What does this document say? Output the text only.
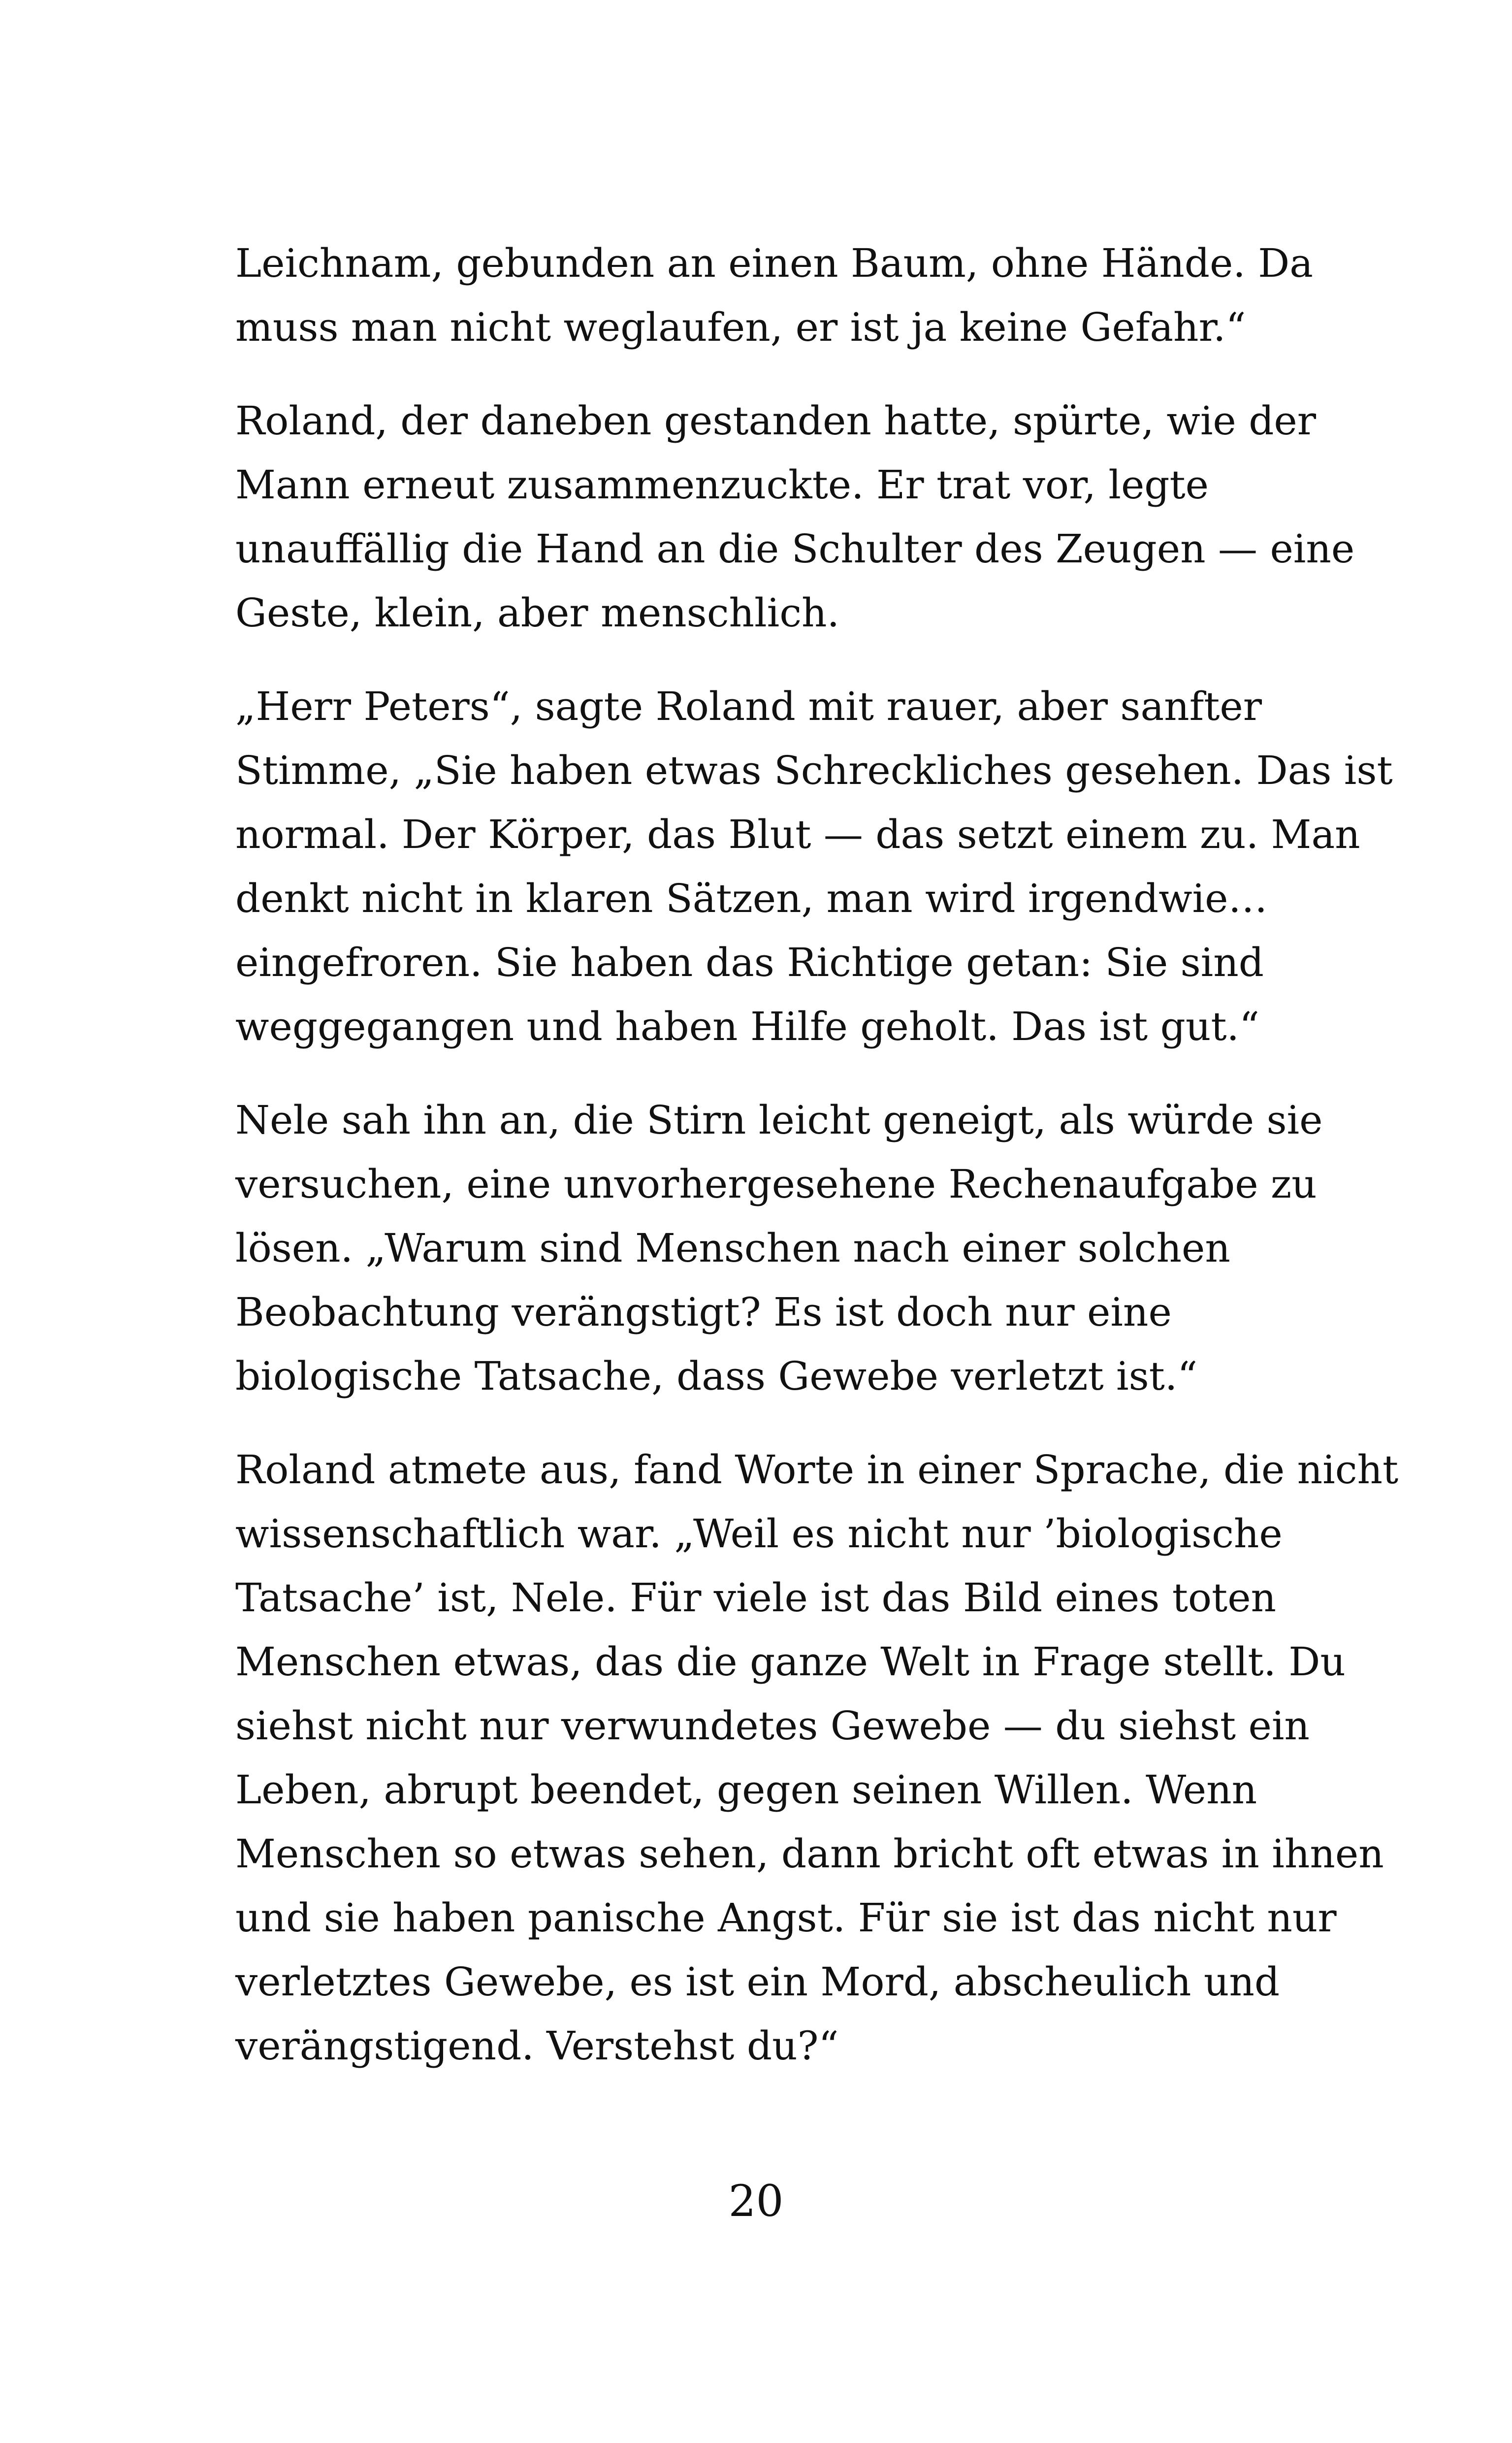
Leichnam, gebunden an einen Baum, ohne Hände. Da
muss man nicht weglaufen, er ist ja keine Gefahr.“

Roland, der daneben gestanden hatte, spürte, wie der
Mann erneut zusammenzuckte. Er trat vor, legte
unauffällig die Hand an die Schulter des Zeugen — eine
Geste, klein, aber menschlich.

„Herr Peters“, sagte Roland mit rauer, aber sanfter
Stimme, „Sie haben etwas Schreckliches gesehen. Das ist
normal. Der Körper, das Blut — das setzt einem zu. Man
denkt nicht in klaren Sätzen, man wird irgendwie…
eingefroren. Sie haben das Richtige getan: Sie sind
weggegangen und haben Hilfe geholt. Das ist gut.“

Nele sah ihn an, die Stirn leicht geneigt, als würde sie
versuchen, eine unvorhergesehene Rechenaufgabe zu
lösen. „Warum sind Menschen nach einer solchen
Beobachtung verängstigt? Es ist doch nur eine
biologische Tatsache, dass Gewebe verletzt ist.“

Roland atmete aus, fand Worte in einer Sprache, die nicht
wissenschaftlich war. „Weil es nicht nur ’biologische
Tatsache’ ist, Nele. Für viele ist das Bild eines toten
Menschen etwas, das die ganze Welt in Frage stellt. Du
siehst nicht nur verwundetes Gewebe — du siehst ein
Leben, abrupt beendet, gegen seinen Willen. Wenn
Menschen so etwas sehen, dann bricht oft etwas in ihnen
und sie haben panische Angst. Für sie ist das nicht nur
verletztes Gewebe, es ist ein Mord, abscheulich und
verängstigend. Verstehst du?“

20
